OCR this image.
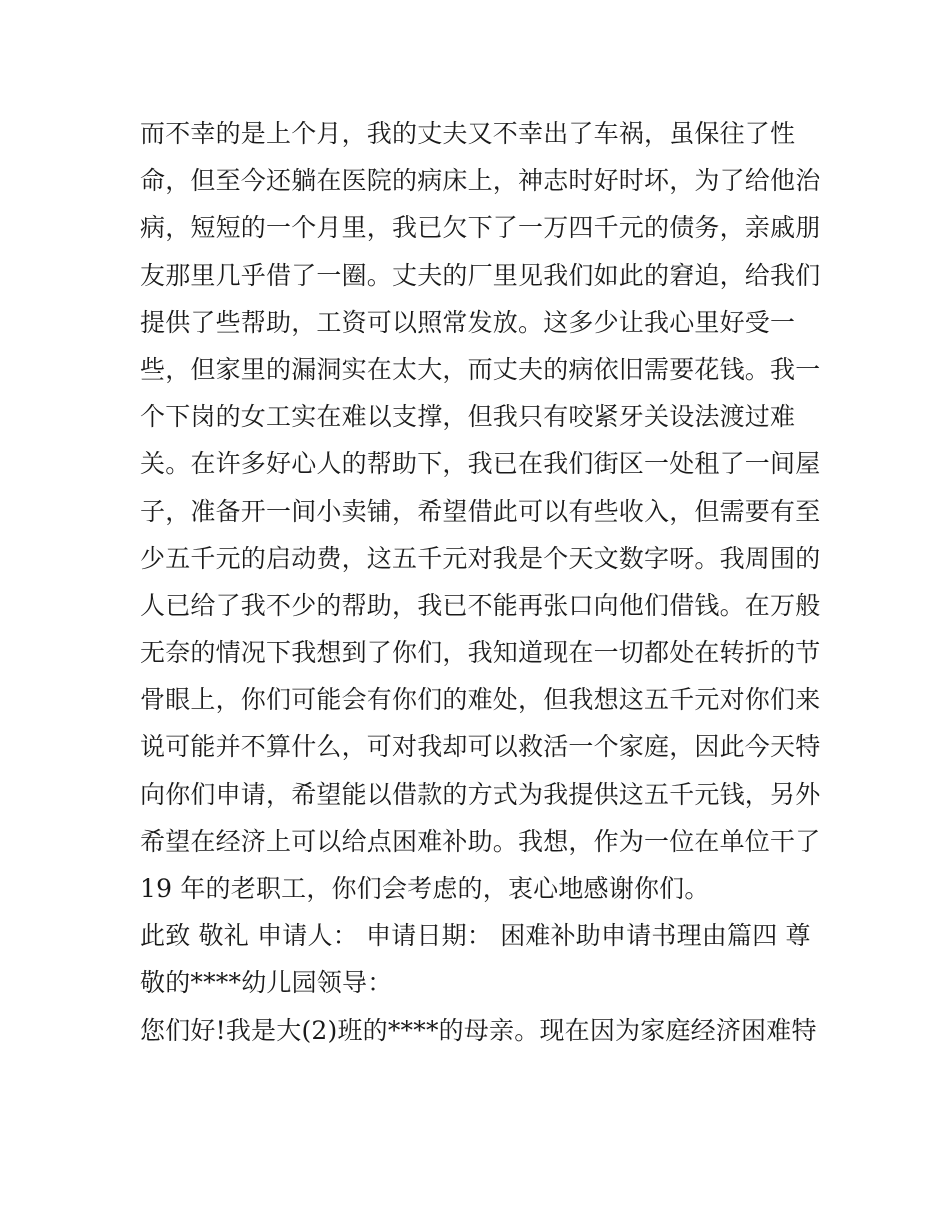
而不幸的是上个月，我的丈夫又不幸出了车祸，虽保往了性
命，但至今还躺在医院的病床上，神志时好时坏，为了给他治
病，短短的一个月里，我已欠下了一万四千元的债务，亲戚朋
友那里几乎借了一圈。丈夫的厂里见我们如此的窘迫，给我们
提供了些帮助，工资可以照常发放。这多少让我心里好受一
些，但家里的漏洞实在太大，而丈夫的病依旧需要花钱。我一
个下岗的女工实在难以支撑，但我只有咬紧牙关设法渡过难
关。在许多好心人的帮助下，我已在我们街区一处租了一间屋
子，准备开一间小卖铺，希望借此可以有些收入，但需要有至
少五千元的启动费，这五千元对我是个天文数字呀。我周围的
人已给了我不少的帮助，我已不能再张口向他们借钱。在万般
无奈的情况下我想到了你们，我知道现在一切都处在转折的节
骨眼上，你们可能会有你们的难处，但我想这五千元对你们来
说可能并不算什么，可对我却可以救活一个家庭，因此今天特
向你们申请，希望能以借款的方式为我提供这五千元钱，另外
希望在经济上可以给点困难补助。我想，作为一位在单位干了
19 年的老职工，你们会考虑的，衷心地感谢你们。
此致 敬礼 申请人： 申请日期： 困难补助申请书理由篇四 尊
敬的****幼儿园领导：
您们好!我是大(2)班的****的母亲。现在因为家庭经济困难特
